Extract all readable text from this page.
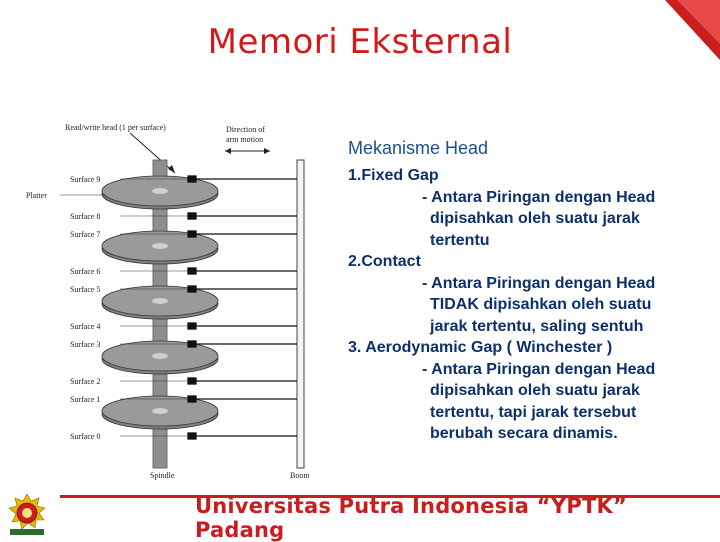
Memori Eksternal
Read/write head (1 per surface)	Direction of
arm motion
Platter
Surface 9
Surface 8
Surface 7
Surface 6
Surface 5
Surface 4
Surface 3
Surface 2
Surface 1
Surface 0
Spindle	Boom
Mekanisme Head
1.Fixed Gap
- Antara Piringan dengan Head
dipisahkan oleh suatu jarak
tertentu
2.Contact
- Antara Piringan dengan Head
TIDAK dipisahkan oleh suatu
jarak tertentu, saling sentuh
3. Aerodynamic Gap ( Winchester )
- Antara Piringan dengan Head
dipisahkan oleh suatu jarak
tertentu, tapi jarak tersebut
berubah secara dinamis.
Universitas Putra Indonesia “YPTK” Padang
